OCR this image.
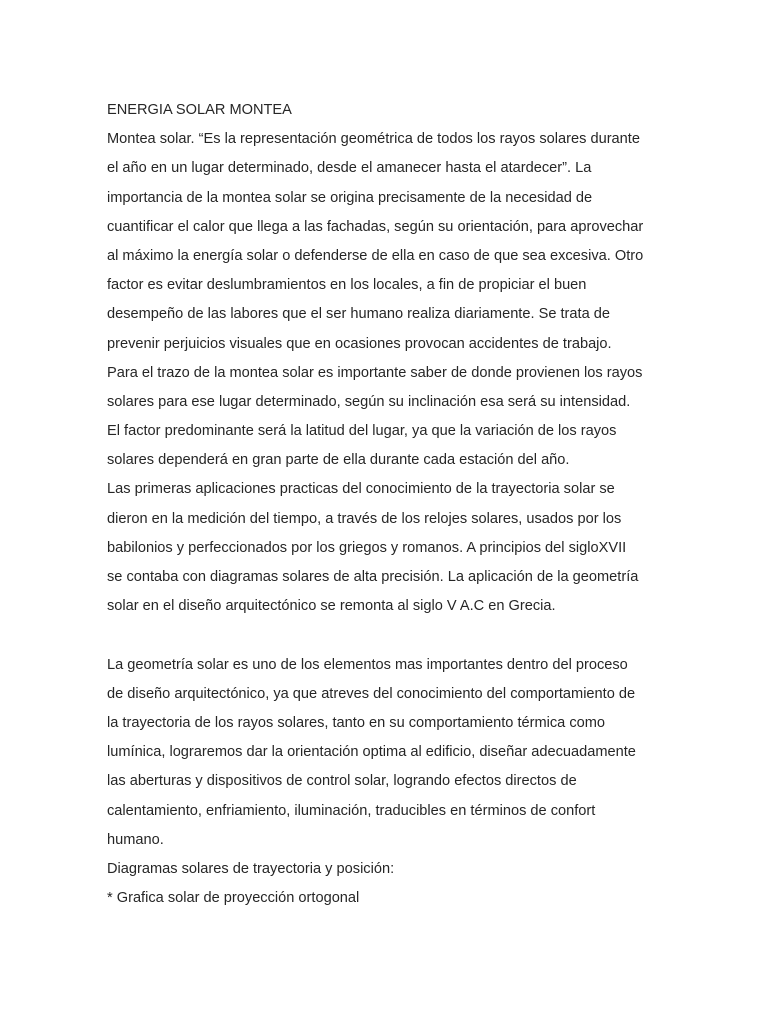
ENERGIA SOLAR MONTEA
Montea solar. “Es la representación geométrica de todos los rayos solares durante
el año en un lugar determinado, desde el amanecer hasta el atardecer”. La
importancia de la montea solar se origina precisamente de la necesidad de
cuantificar el calor que llega a las fachadas, según su orientación, para aprovechar
al máximo la energía solar o defenderse de ella en caso de que sea excesiva. Otro
factor es evitar deslumbramientos en los locales, a fin de propiciar el buen
desempeño de las labores que el ser humano realiza diariamente. Se trata de
prevenir perjuicios visuales que en ocasiones provocan accidentes de trabajo.
Para el trazo de la montea solar es importante saber de donde provienen los rayos
solares para ese lugar determinado, según su inclinación esa será su intensidad.
El factor predominante será la latitud del lugar, ya que la variación de los rayos
solares dependerá en gran parte de ella durante cada estación del año.
Las primeras aplicaciones practicas del conocimiento de la trayectoria solar se
dieron en la medición del tiempo, a través de los relojes solares, usados por los
babilonios y perfeccionados por los griegos y romanos. A principios del sigloXVII
se contaba con diagramas solares de alta precisión. La aplicación de la geometría
solar en el diseño arquitectónico se remonta al siglo V A.C en Grecia.
La geometría solar es uno de los elementos mas importantes dentro del proceso
de diseño arquitectónico, ya que atreves del conocimiento del comportamiento de
la trayectoria de los rayos solares, tanto en su comportamiento térmica como
lumínica, lograremos dar la orientación optima al edificio, diseñar adecuadamente
las aberturas y dispositivos de control solar, logrando efectos directos de
calentamiento, enfriamiento, iluminación, traducibles en términos de confort
humano.
Diagramas solares de trayectoria y posición:
* Grafica solar de proyección ortogonal
